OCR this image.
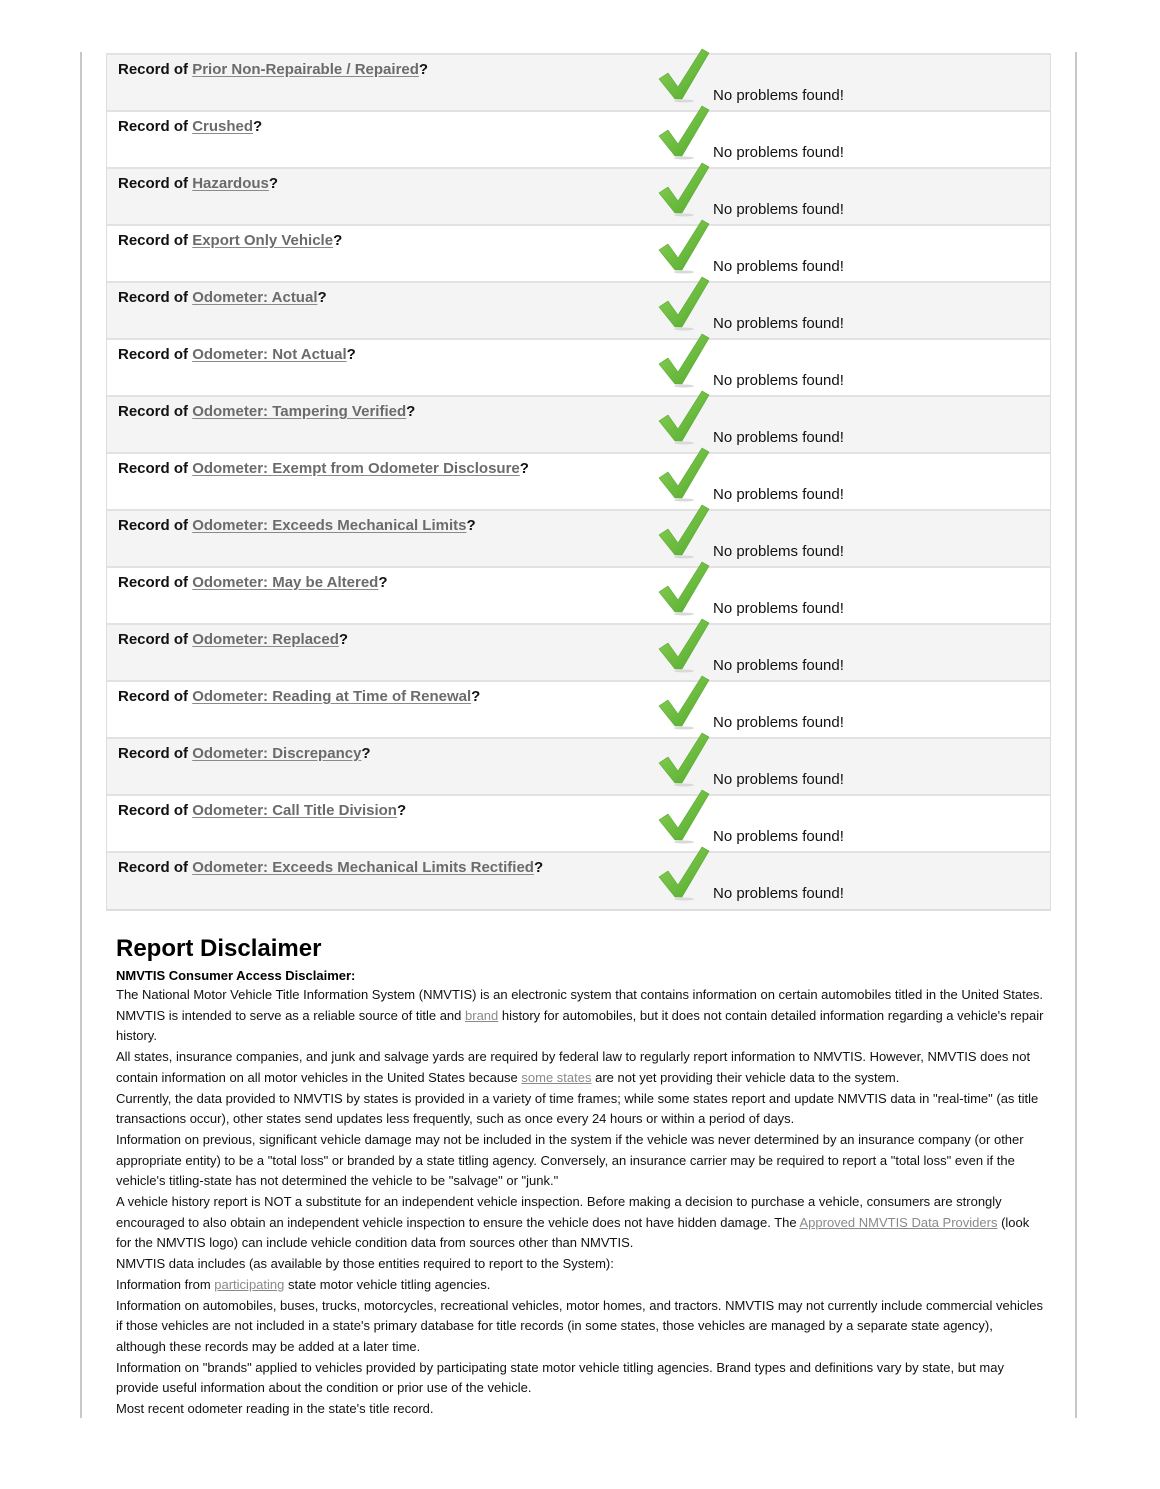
Record of Prior Non-Repairable / Repaired?
No problems found!
Record of Crushed?
No problems found!
Record of Hazardous?
No problems found!
Record of Export Only Vehicle?
No problems found!
Record of Odometer: Actual?
No problems found!
Record of Odometer: Not Actual?
No problems found!
Record of Odometer: Tampering Verified?
No problems found!
Record of Odometer: Exempt from Odometer Disclosure?
No problems found!
Record of Odometer: Exceeds Mechanical Limits?
No problems found!
Record of Odometer: May be Altered?
No problems found!
Record of Odometer: Replaced?
No problems found!
Record of Odometer: Reading at Time of Renewal?
No problems found!
Record of Odometer: Discrepancy?
No problems found!
Record of Odometer: Call Title Division?
No problems found!
Record of Odometer: Exceeds Mechanical Limits Rectified?
No problems found!
Report Disclaimer
NMVTIS Consumer Access Disclaimer:

The National Motor Vehicle Title Information System (NMVTIS) is an electronic system that contains information on certain automobiles titled in the United States. NMVTIS is intended to serve as a reliable source of title and brand history for automobiles, but it does not contain detailed information regarding a vehicle's repair history.

All states, insurance companies, and junk and salvage yards are required by federal law to regularly report information to NMVTIS. However, NMVTIS does not contain information on all motor vehicles in the United States because some states are not yet providing their vehicle data to the system.

Currently, the data provided to NMVTIS by states is provided in a variety of time frames; while some states report and update NMVTIS data in "real-time" (as title transactions occur), other states send updates less frequently, such as once every 24 hours or within a period of days.

Information on previous, significant vehicle damage may not be included in the system if the vehicle was never determined by an insurance company (or other appropriate entity) to be a "total loss" or branded by a state titling agency. Conversely, an insurance carrier may be required to report a "total loss" even if the vehicle's titling-state has not determined the vehicle to be "salvage" or "junk."

A vehicle history report is NOT a substitute for an independent vehicle inspection. Before making a decision to purchase a vehicle, consumers are strongly encouraged to also obtain an independent vehicle inspection to ensure the vehicle does not have hidden damage. The Approved NMVTIS Data Providers (look for the NMVTIS logo) can include vehicle condition data from sources other than NMVTIS.

NMVTIS data includes (as available by those entities required to report to the System):

Information from participating state motor vehicle titling agencies.

Information on automobiles, buses, trucks, motorcycles, recreational vehicles, motor homes, and tractors. NMVTIS may not currently include commercial vehicles if those vehicles are not included in a state's primary database for title records (in some states, those vehicles are managed by a separate state agency), although these records may be added at a later time.

Information on "brands" applied to vehicles provided by participating state motor vehicle titling agencies. Brand types and definitions vary by state, but may provide useful information about the condition or prior use of the vehicle.

Most recent odometer reading in the state's title record.
